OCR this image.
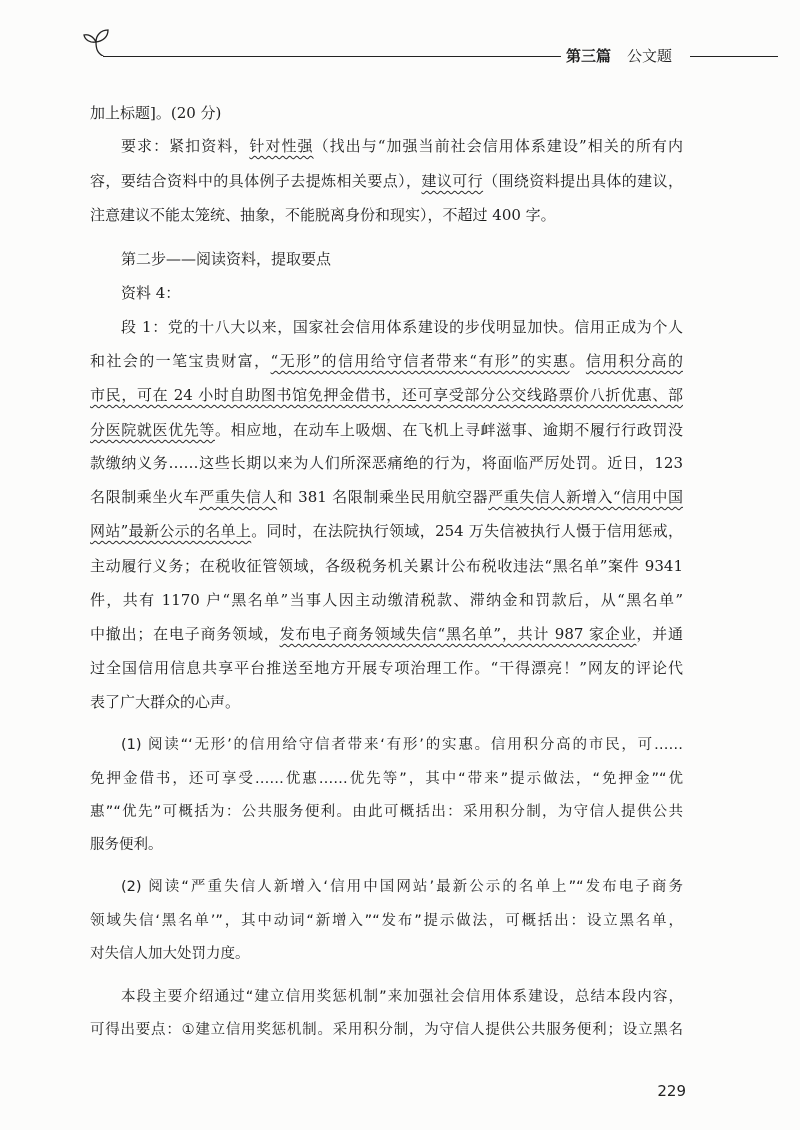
第三篇 公文题
加上标题]。(20 分)
要求：紧扣资料，针对性强（找出与“加强当前社会信用体系建设”相关的所有内
容，要结合资料中的具体例子去提炼相关要点），建议可行（围绕资料提出具体的建议，
注意建议不能太笼统、抽象，不能脱离身份和现实），不超过 400 字。
第二步——阅读资料，提取要点
资料 4：
段 1：党的十八大以来，国家社会信用体系建设的步伐明显加快。信用正成为个人
和社会的一笔宝贵财富，“无形”的信用给守信者带来“有形”的实惠。信用积分高的
市民，可在 24 小时自助图书馆免押金借书，还可享受部分公交线路票价八折优惠、部
分医院就医优先等。相应地，在动车上吸烟、在飞机上寻衅滋事、逾期不履行行政罚没
款缴纳义务……这些长期以来为人们所深恶痛绝的行为，将面临严厉处罚。近日，123
名限制乘坐火车严重失信人和 381 名限制乘坐民用航空器严重失信人新增入“信用中国
网站”最新公示的名单上。同时，在法院执行领域，254 万失信被执行人慑于信用惩戒，
主动履行义务；在税收征管领域，各级税务机关累计公布税收违法“黑名单”案件 9341
件，共有 1170 户“黑名单”当事人因主动缴清税款、滞纳金和罚款后，从“黑名单”
中撤出；在电子商务领域，发布电子商务领域失信“黑名单”，共计 987 家企业，并通
过全国信用信息共享平台推送至地方开展专项治理工作。“干得漂亮！”网友的评论代
表了广大群众的心声。
(1) 阅读“‘无形’的信用给守信者带来‘有形’的实惠。信用积分高的市民，可……
免押金借书，还可享受……优惠……优先等”，其中“带来”提示做法，“免押金”“优
惠”“优先”可概括为：公共服务便利。由此可概括出：采用积分制，为守信人提供公共
服务便利。
(2) 阅读“严重失信人新增入‘信用中国网站’最新公示的名单上”“发布电子商务
领域失信‘黑名单’”，其中动词“新增入”“发布”提示做法，可概括出：设立黑名单，
对失信人加大处罚力度。
本段主要介绍通过“建立信用奖惩机制”来加强社会信用体系建设，总结本段内容，
可得出要点：①建立信用奖惩机制。采用积分制，为守信人提供公共服务便利；设立黑名
229
